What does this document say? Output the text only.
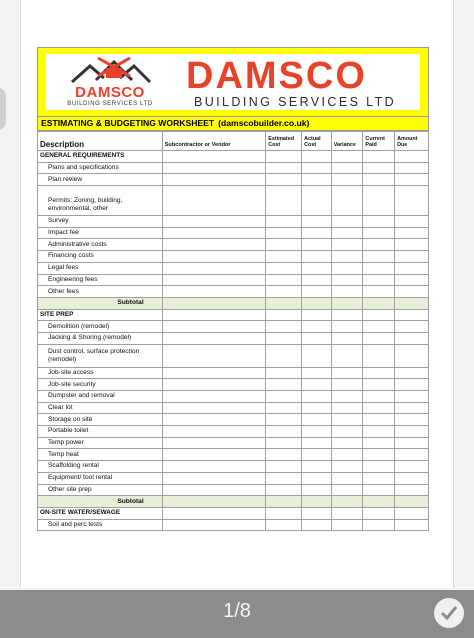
DAMSCO
BUILDING SERVICES LTD
DAMSCO
BUILDING SERVICES LTD
ESTIMATING & BUDGETING WORKSHEET (damscobuilder.co.uk)
Description	Subcontractor or Vendor	Estimated Cost	Actual Cost	Variance	Current Paid	Amount Due
GENERAL REQUIREMENTS						
Plans and specifications						
Plan review						
Permits: Zoning, building, environmental, other						
Survey						
Impact fee						
Administrative costs						
Financing costs						
Legal fees						
Engineering fees						
Other fees						
Subtotal						
SITE PREP						
Demolition (remodel)						
Jacking & Shoring (remodel)						
Dust control, surface protection (remodel)						
Job-site access						
Job-site security						
Dumpster and removal						
Clear lot						
Storage on site						
Portable toilet						
Temp power						
Temp heat						
Scaffolding rental						
Equipment/ tool rental						
Other site prep						
Subtotal						
ON-SITE WATER/SEWAGE						
Soil and perc tests						
1/8
